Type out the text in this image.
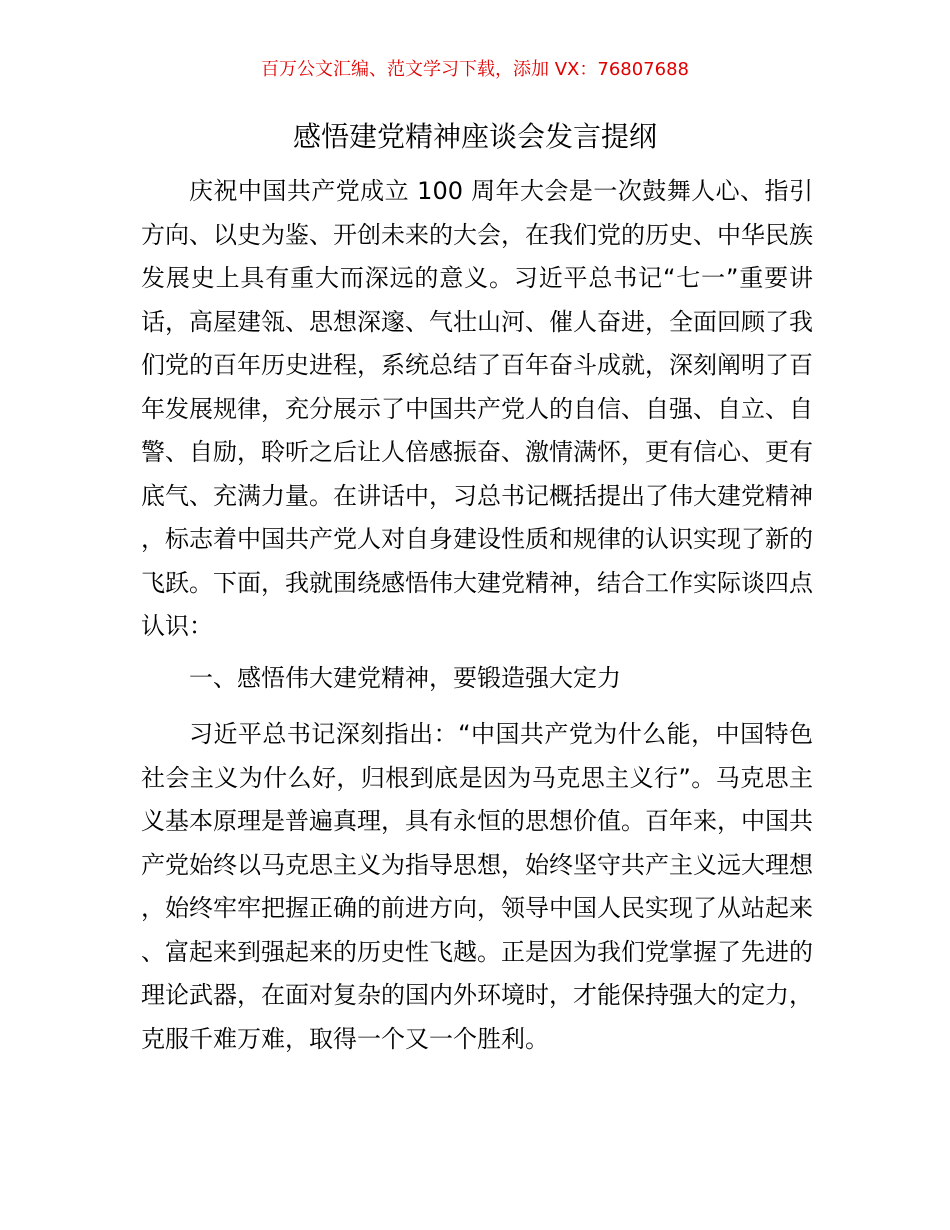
百万公文汇编、范文学习下载，添加 VX：76807688
感悟建党精神座谈会发言提纲

庆祝中国共产党成立 100 周年大会是一次鼓舞人心、指引方向、以史为鉴、开创未来的大会，在我们党的历史、中华民族发展史上具有重大而深远的意义。习近平总书记“七一”重要讲话，高屋建瓴、思想深邃、气壮山河、催人奋进，全面回顾了我们党的百年历史进程，系统总结了百年奋斗成就，深刻阐明了百年发展规律，充分展示了中国共产党人的自信、自强、自立、自警、自励，聆听之后让人倍感振奋、激情满怀，更有信心、更有底气、充满力量。在讲话中，习总书记概括提出了伟大建党精神，标志着中国共产党人对自身建设性质和规律的认识实现了新的飞跃。下面，我就围绕感悟伟大建党精神，结合工作实际谈四点认识：

一、感悟伟大建党精神，要锻造强大定力

习近平总书记深刻指出：“中国共产党为什么能，中国特色社会主义为什么好，归根到底是因为马克思主义行”。马克思主义基本原理是普遍真理，具有永恒的思想价值。百年来，中国共产党始终以马克思主义为指导思想，始终坚守共产主义远大理想，始终牢牢把握正确的前进方向，领导中国人民实现了从站起来、富起来到强起来的历史性飞越。正是因为我们党掌握了先进的理论武器，在面对复杂的国内外环境时，才能保持强大的定力，克服千难万难，取得一个又一个胜利。
